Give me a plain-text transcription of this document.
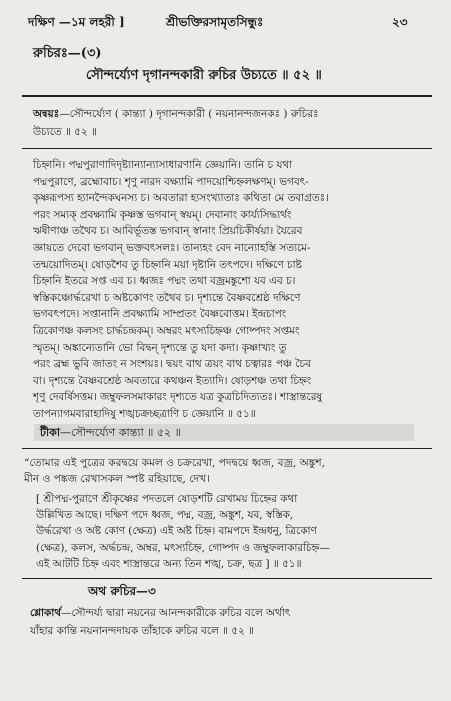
দক্ষিণ —১ম লহরী ]	শ্রীভক্তিরসামৃতসিন্ধুঃ	২৩
রুচিরঃ—(৩)
সৌন্দর্য্যেণ দৃগানন্দকারী রুচির উচ্যতে ॥ ৫২ ॥
অন্বয়ঃ—সৌন্দর্য্যেণ ( কান্ত্যা ) দৃগানন্দকারী ( নয়নানন্দজনকঃ ) রুচিরঃ
উচ্যতে ॥ ৫২ ॥
চিহ্নানি। পদ্মপুরাণাদিদৃষ্ট্যান্যান্যাসাধারণানি জ্ঞেয়ানি। তানি চ যথা
পদ্মপুরাণে, ব্রহ্মোবাচ। শৃণু নারদ বক্ষ্যামি পাদয়োশ্চিহ্নলক্ষণম্। ভগবৎ-
কৃষ্ণরূপস্য হ্যানন্দৈকঘনস্য চ। অবতারা হ্যসংখ্যাতাঃ কথিতা মে তবাগ্রতঃ।
পরং সম্যক্ প্রবক্ষ্যামি কৃষ্ণস্ত ভগবান্ স্বয়ম্। দেবানাং কার্য্যসিদ্ধ্যর্থং
ঋষীণাঞ্চ তথৈব চ। আবির্ভূতস্ত ভগবান্ স্বানাং প্রিয়চিকীর্ষয়া। যৈরেব
জ্ঞায়তে দেবো ভগবান্ ভক্তবৎসলঃ। তান্যহং বেদ নান্যোহস্তি সত্যমে-
তন্ময়োদিতম্। ষোড়শৈব তু চিহ্নানি ময়া দৃষ্টানি তৎপদে। দক্ষিণে চাষ্ট
চিহ্নানি ইতরে সপ্ত এব চ। ধ্বজঃ পদ্মং তথা বজ্রমঙ্কুশো যব এব চ।
স্বস্তিকঞ্চোর্দ্ধরেখা চ অষ্টকোণং তথৈব চ। দৃশ্যন্তে বৈষ্ণবশ্রেষ্ঠ দক্ষিণে
ভগবৎপদে। সপ্তানানি প্রবক্ষ্যামি সাম্প্রতং বৈষ্ণবোত্তম। ইন্দ্রচাপং
ত্রিকোণঞ্চ কলসং চার্দ্ধচন্দ্রকম্। অম্বরং মৎস্যচিহ্নঞ্চ গোষ্পদং সপ্তমং
স্মৃতম্। অঙ্কান্যেতানি ভো বিদ্বন্ দৃশ্যন্তে তু যদা কদা। কৃষ্ণাখ্যং তু
পরং ব্রহ্ম ভুবি জাতং ন সংশয়ঃ। দ্বয়ং বাথ ত্রয়ং বাথ চত্বারঃ পঞ্চ চৈব
বা। দৃশ্যন্তে বৈষ্ণবশ্রেষ্ঠ অবতারে কথঞ্চন ইত্যাদি। ষোড়শঞ্চ তথা চিহ্নং
শৃণু দেবর্ষিসত্তম। জম্বুফলসমাকারং দৃশ্যতে যত্র কুত্রচিদিত্যতঃ। শাস্ত্রান্তরেষু
তাপন্যাগমবারাহাদিষু শঙ্খচক্রচ্ছত্রাণি চ জ্ঞেয়ানি ॥ ৫১॥
টীকা—সৌন্দর্য্যেণ কান্ত্যা ॥ ৫২ ॥
“তোমার এই পুত্রের করদ্বয়ে কমল ও চক্ররেখা, পদদ্বয়ে ধ্বজ, বজ্র, অঙ্কুশ,
মীন ও পঙ্কজ রেখাসকল স্পষ্ট রহিয়াছে, দেখ।
[ শ্রীপদ্ম-পুরাণে শ্রীকৃষ্ণের পদতলে ষোড়শটি রেখাময় চিহ্নের কথা
উল্লিখিত আছে। দক্ষিণ পদে ধ্বজ, পদ্ম, বজ্র, অঙ্কুশ, যব, স্বস্তিক,
উর্দ্ধরেখা ও অষ্ট কোণ (ক্ষেত্র) এই অষ্ট চিহ্ন। বামপদে ইন্দ্রধনু, ত্রিকোণ
(ক্ষেত্র), কলস, অর্দ্ধচন্দ্র, অম্বর, মৎস্যচিহ্ন, গোষ্পদ ও জম্বুফলাকারচিহ্ন—
এই আটটি চিহ্ন এবং শাস্ত্রান্তরে অন্য তিন শঙ্খ, চক্র, ছত্র ] ॥ ৫১॥
অথ রুচির—৩
শ্লোকার্থ—সৌন্দর্য্য দ্বারা নয়নের আনন্দকারীকে রুচির বলে অর্থাৎ
যাঁহার কান্তি নয়নানন্দদায়ক তাঁহাকে রুচির বলে ॥ ৫২ ॥
